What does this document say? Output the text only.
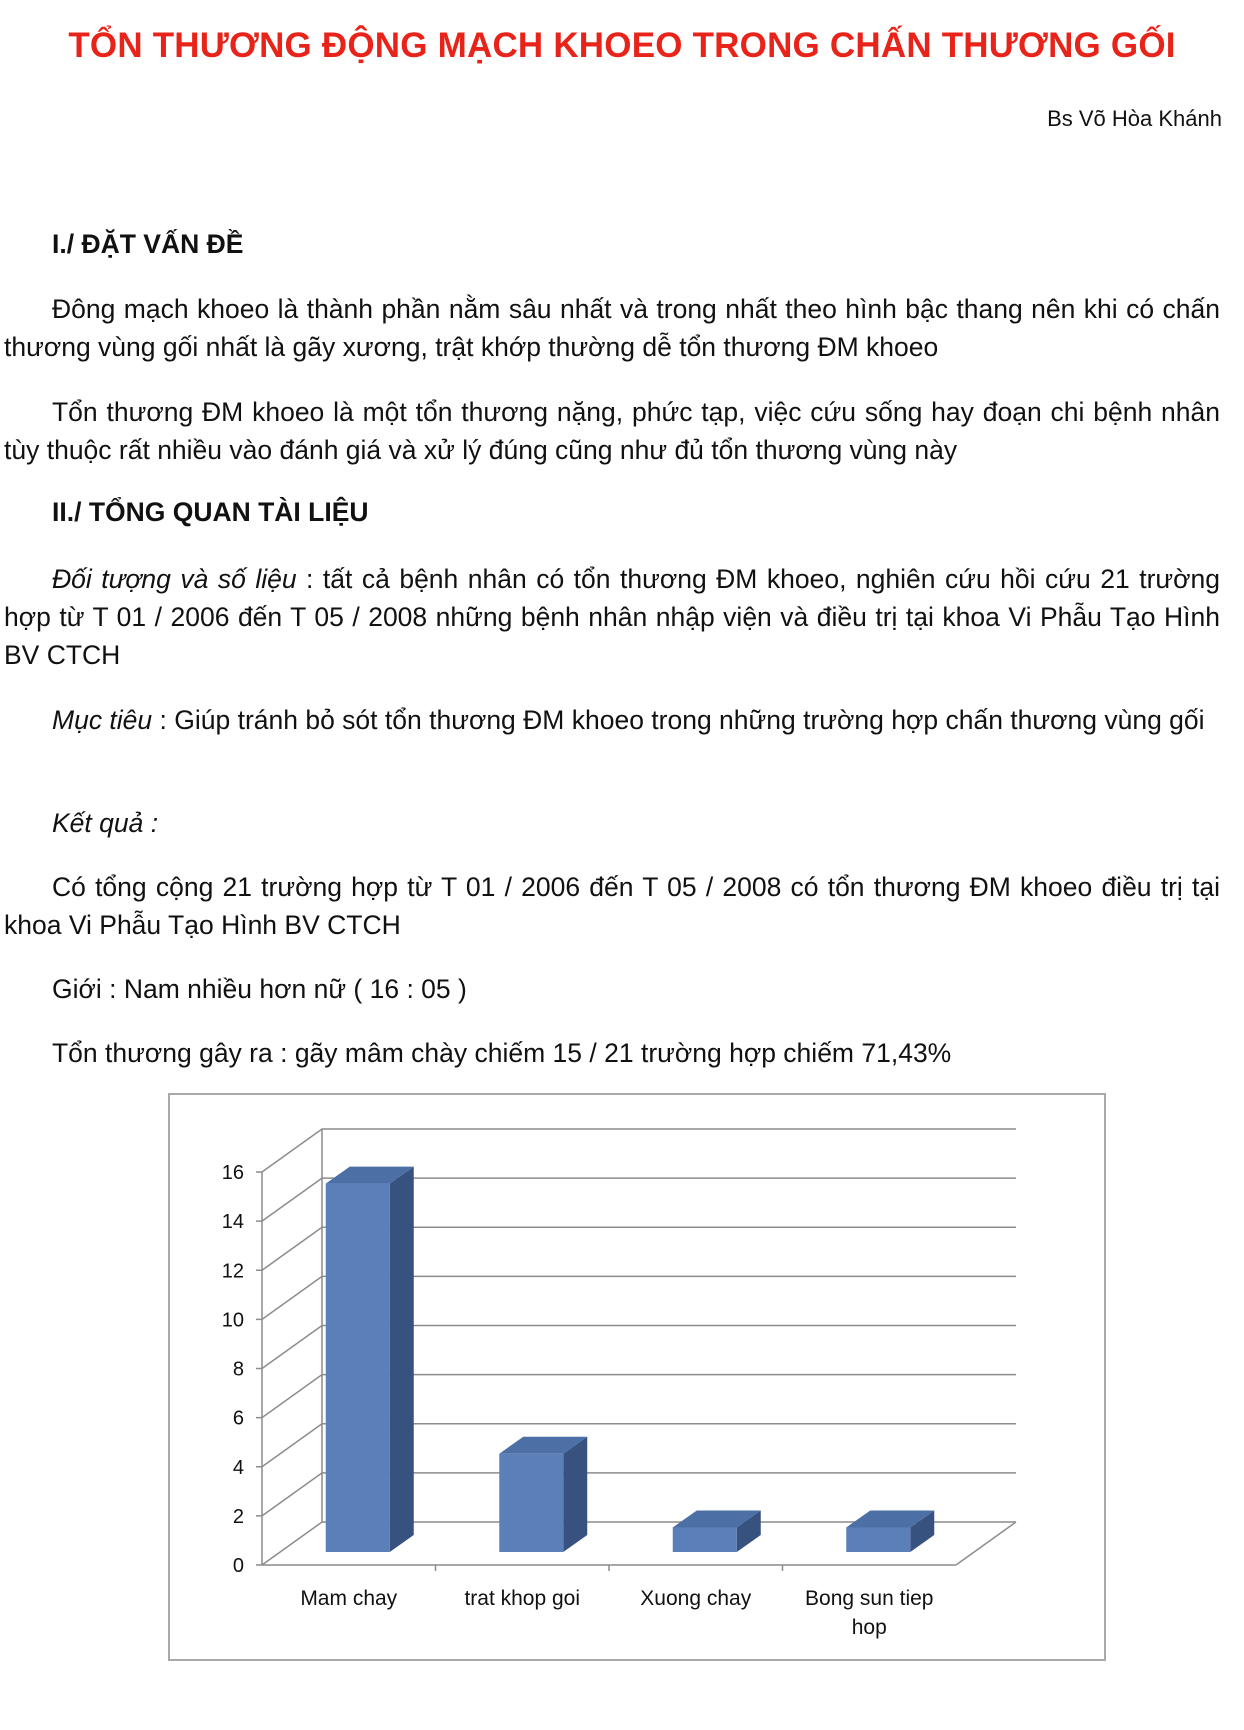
TỔN THƯƠNG ĐỘNG MẠCH KHOEO TRONG CHẤN THƯƠNG GỐI

Bs Võ Hòa Khánh

I./ ĐẶT VẤN ĐỀ

Đông mạch khoeo là thành phần nằm sâu nhất và trong nhất theo hình bậc thang nên khi có chấn thương vùng gối nhất là gãy xương, trật khớp thường dễ tổn thương ĐM khoeo

Tổn thương ĐM khoeo là một tổn thương nặng, phức tạp, việc cứu sống hay đoạn chi bệnh nhân tùy thuộc rất nhiều vào đánh giá và xử lý đúng cũng như đủ tổn thương vùng này

II./ TỔNG QUAN TÀI LIỆU

Đối tượng và số liệu : tất cả bệnh nhân có tổn thương ĐM khoeo, nghiên cứu hồi cứu 21 trường hợp từ T 01 / 2006 đến T 05 / 2008 những bệnh nhân nhập viện và điều trị tại khoa Vi Phẫu Tạo Hình BV CTCH

Mục tiêu : Giúp tránh bỏ sót tổn thương ĐM khoeo trong những trường hợp chấn thương vùng gối

Kết quả :

Có tổng cộng 21 trường hợp từ T 01 / 2006 đến T 05 / 2008 có tổn thương ĐM khoeo điều trị tại khoa Vi Phẫu Tạo Hình BV CTCH

Giới : Nam nhiều hơn nữ ( 16 : 05 )

Tổn thương gây ra : gãy mâm chày chiếm 15 / 21 trường hợp chiếm 71,43%

0
2
4
6
8
10
12
14
16
Mam chay	trat khop goi	Xuong chay	Bong sun tiep
hop
